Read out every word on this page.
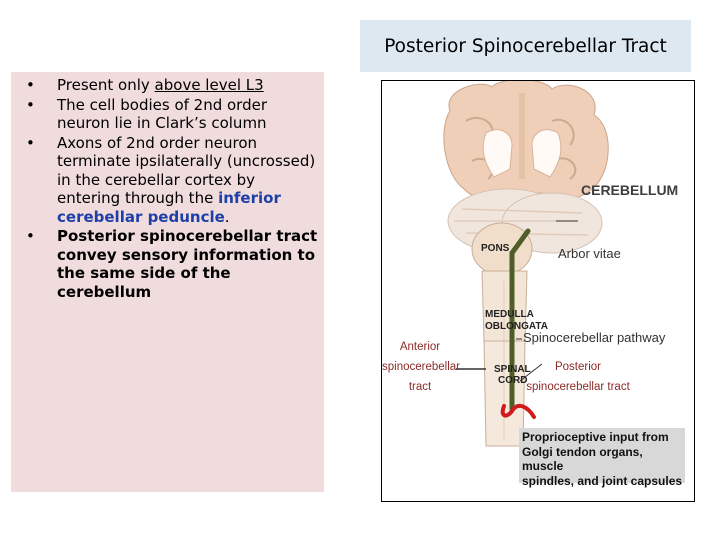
Posterior Spinocerebellar Tract
• Present only above level L3
• The cell bodies of 2nd order neuron lie in Clark’s column
• Axons of 2nd order neuron terminate ipsilaterally (uncrossed) in the cerebellar cortex by entering through the inferior cerebellar peduncle.
• Posterior spinocerebellar tract convey sensory information to the same side of the cerebellum
CEREBELLUM
PONS	Arbor vitae
MEDULLA
OBLONGATA
Spinocerebellar pathway
SPINAL
CORD
Anterior
spinocerebellar
tract
Posterior
spinocerebellar tract
Proprioceptive input from
Golgi tendon organs, muscle
spindles, and joint capsules
